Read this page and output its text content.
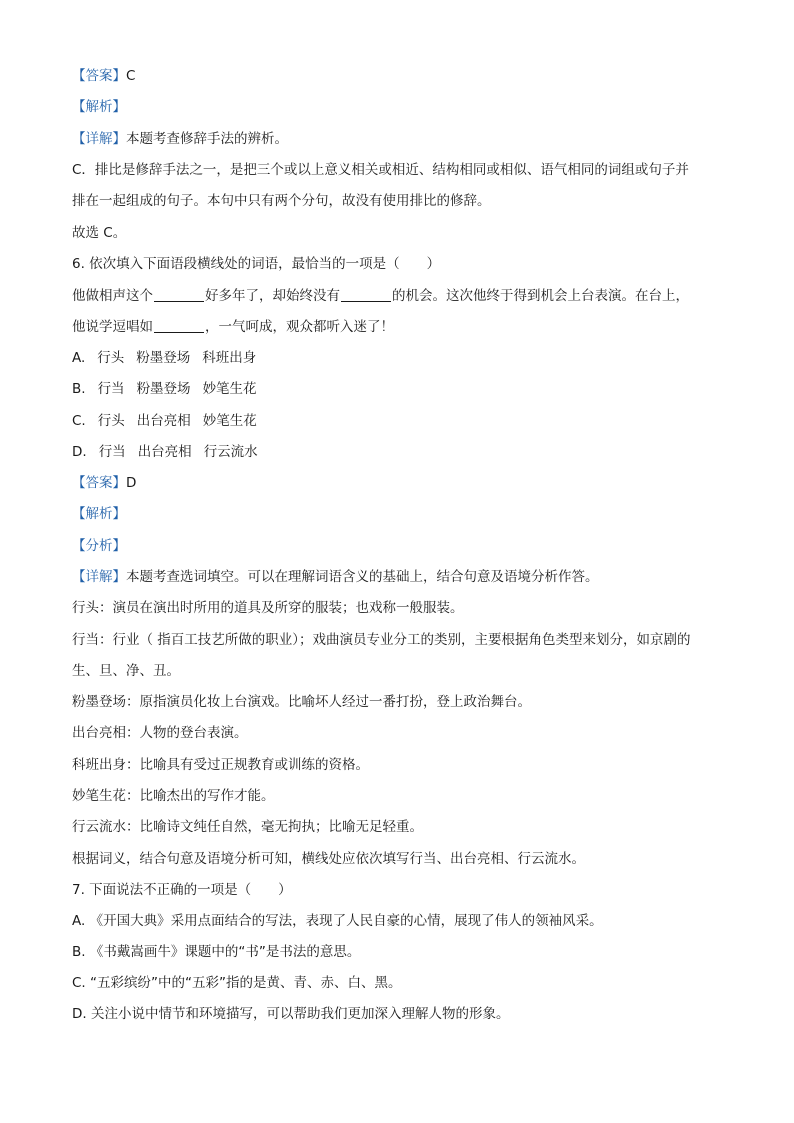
【答案】C
【解析】
【详解】本题考查修辞手法的辨析。
C．排比是修辞手法之一，是把三个或以上意义相关或相近、结构相同或相似、语气相同的词组或句子并
排在一起组成的句子。本句中只有两个分句，故没有使用排比的修辞。
故选 C。
6. 依次填入下面语段横线处的词语，最恰当的一项是（　　）
他做相声这个	好多年了，却始终没有	的机会。这次他终于得到机会上台表演。在台上，
他说学逗唱如	，一气呵成，观众都听入迷了！
A. 行头 粉墨登场 科班出身
B. 行当 粉墨登场 妙笔生花
C. 行头 出台亮相 妙笔生花
D. 行当 出台亮相 行云流水
【答案】D
【解析】
【分析】
【详解】本题考查选词填空。可以在理解词语含义的基础上，结合句意及语境分析作答。
行头：演员在演出时所用的道具及所穿的服装；也戏称一般服装。
行当：行业（ 指百工技艺所做的职业）；戏曲演员专业分工的类别，主要根据角色类型来划分，如京剧的
生、旦、净、丑。
粉墨登场：原指演员化妆上台演戏。比喻坏人经过一番打扮，登上政治舞台。
出台亮相：人物的登台表演。
科班出身：比喻具有受过正规教育或训练的资格。
妙笔生花：比喻杰出的写作才能。
行云流水：比喻诗文纯任自然，毫无拘执；比喻无足轻重。
根据词义，结合句意及语境分析可知，横线处应依次填写行当、出台亮相、行云流水。
7. 下面说法不正确的一项是（　　）
A. 《开国大典》采用点面结合的写法，表现了人民自豪的心情，展现了伟人的领袖风采。
B. 《书戴嵩画牛》课题中的“书”是书法的意思。
C. “五彩缤纷”中的“五彩”指的是黄、青、赤、白、黑。
D. 关注小说中情节和环境描写，可以帮助我们更加深入理解人物的形象。
